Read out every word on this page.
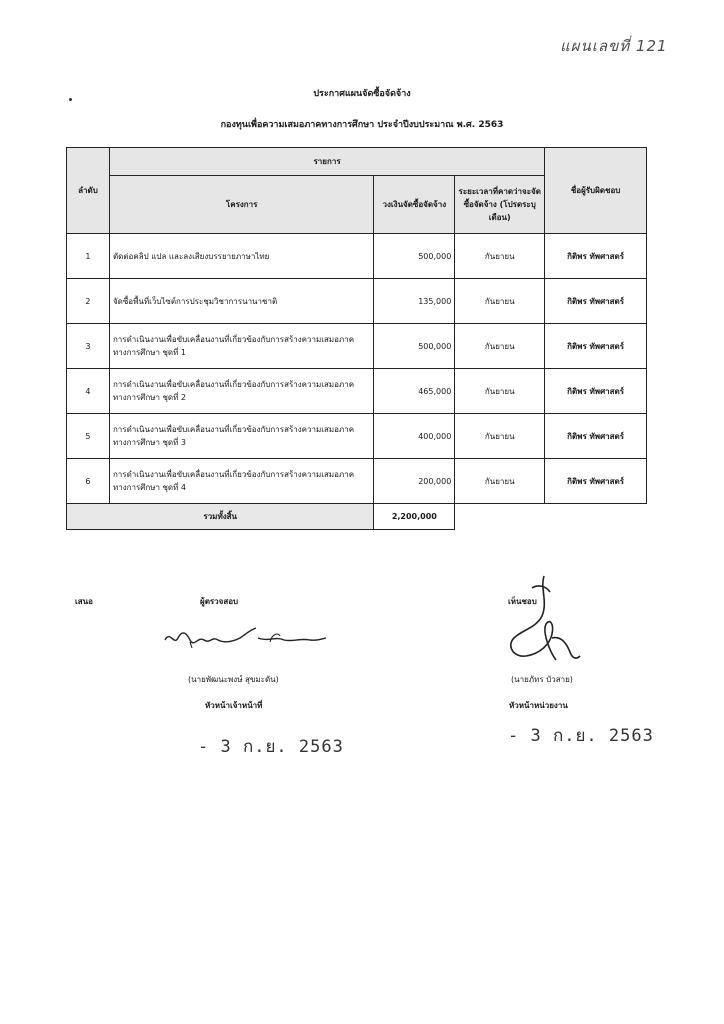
แผนเลขที่ 121
ประกาศแผนจัดซื้อจัดจ้าง
กองทุนเพื่อความเสมอภาคทางการศึกษา ประจำปีงบประมาณ พ.ศ. 2563
ลำดับ	รายการ			ชื่อผู้รับผิดชอบ
	โครงการ	วงเงินจัดซื้อจัดจ้าง	ระยะเวลาที่คาดว่าจะจัดซื้อจัดจ้าง (โปรดระบุเดือน)	
1	ตัดต่อคลิป แปล และลงเสียงบรรยายภาษาไทย	500,000	กันยายน	กิติพร ทัพศาสตร์
2	จัดซื้อพื้นที่เว็บไซต์การประชุมวิชาการนานาชาติ	135,000	กันยายน	กิติพร ทัพศาสตร์
3	การดำเนินงานเพื่อขับเคลื่อนงานที่เกี่ยวข้องกับการสร้างความเสมอภาคทางการศึกษา ชุดที่ 1	500,000	กันยายน	กิติพร ทัพศาสตร์
4	การดำเนินงานเพื่อขับเคลื่อนงานที่เกี่ยวข้องกับการสร้างความเสมอภาคทางการศึกษา ชุดที่ 2	465,000	กันยายน	กิติพร ทัพศาสตร์
5	การดำเนินงานเพื่อขับเคลื่อนงานที่เกี่ยวข้องกับการสร้างความเสมอภาคทางการศึกษา ชุดที่ 3	400,000	กันยายน	กิติพร ทัพศาสตร์
6	การดำเนินงานเพื่อขับเคลื่อนงานที่เกี่ยวข้องกับการสร้างความเสมอภาคทางการศึกษา ชุดที่ 4	200,000	กันยายน	กิติพร ทัพศาสตร์
รวมทั้งสิ้น		2,200,000		
เสนอ	ผู้ตรวจสอบ	เห็นชอบ
(นายพัฒนะพงษ์ สุขมะดัน)	(นายภัทร บัวสาย)
หัวหน้าเจ้าหน้าที่	หัวหน้าหน่วยงาน
- 3 ก.ย. 2563
- 3 ก.ย. 2563
